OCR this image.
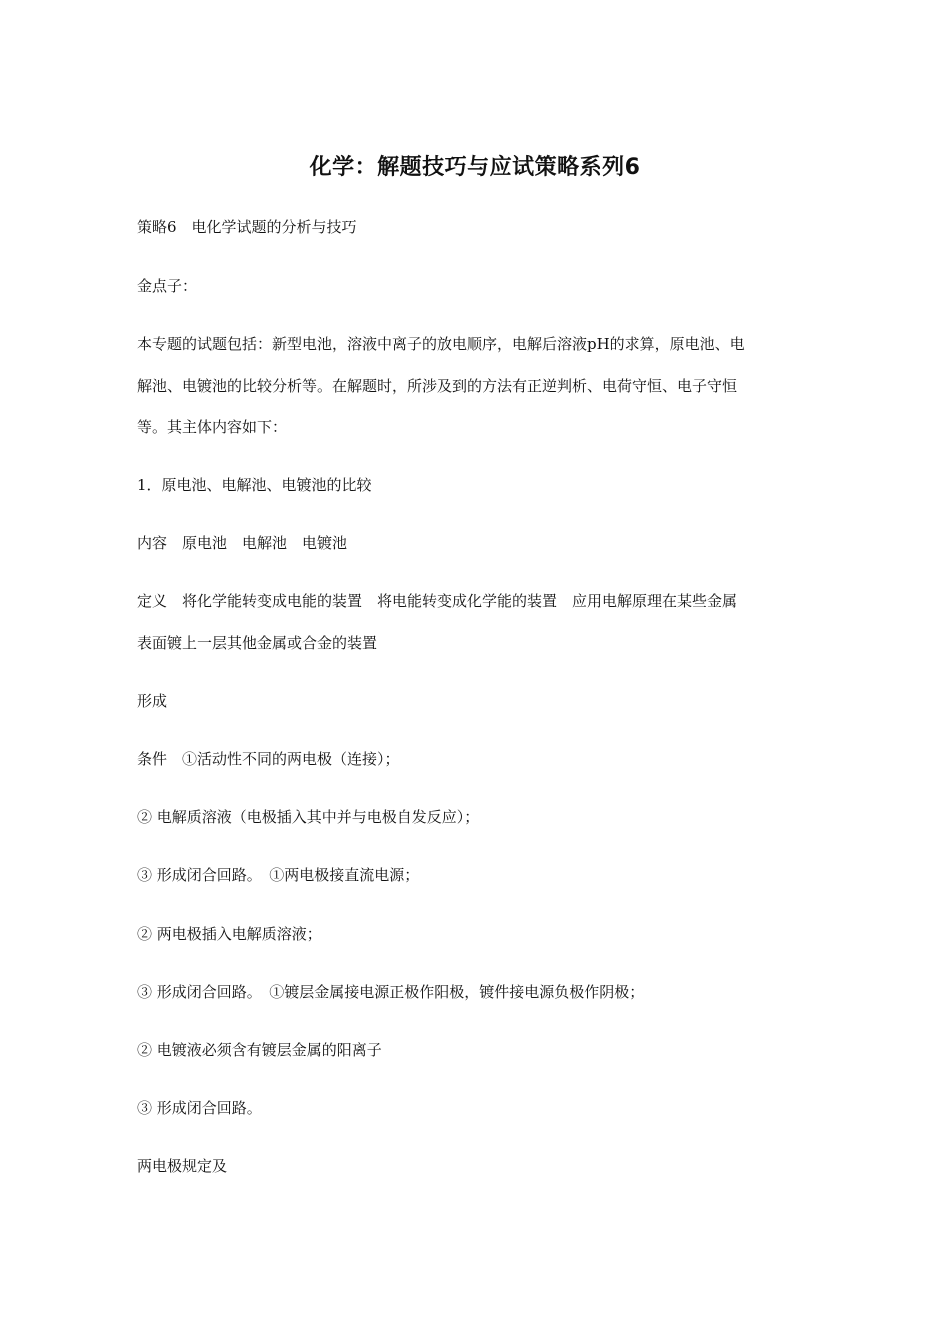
化学：解题技巧与应试策略系列6
策略6　电化学试题的分析与技巧
金点子：
本专题的试题包括：新型电池，溶液中离子的放电顺序，电解后溶液pH的求算，原电池、电
解池、电镀池的比较分析等。在解题时，所涉及到的方法有正逆判析、电荷守恒、电子守恒
等。其主体内容如下：
1．原电池、电解池、电镀池的比较
内容　原电池　电解池　电镀池
定义　将化学能转变成电能的装置　将电能转变成化学能的装置　应用电解原理在某些金属
表面镀上一层其他金属或合金的装置
形成
条件　①活动性不同的两电极（连接）；
② 电解质溶液（电极插入其中并与电极自发反应）；
③ 形成闭合回路。　①两电极接直流电源；
② 两电极插入电解质溶液；
③ 形成闭合回路。　①镀层金属接电源正极作阳极，镀件接电源负极作阴极；
② 电镀液必须含有镀层金属的阳离子
③ 形成闭合回路。
两电极规定及
